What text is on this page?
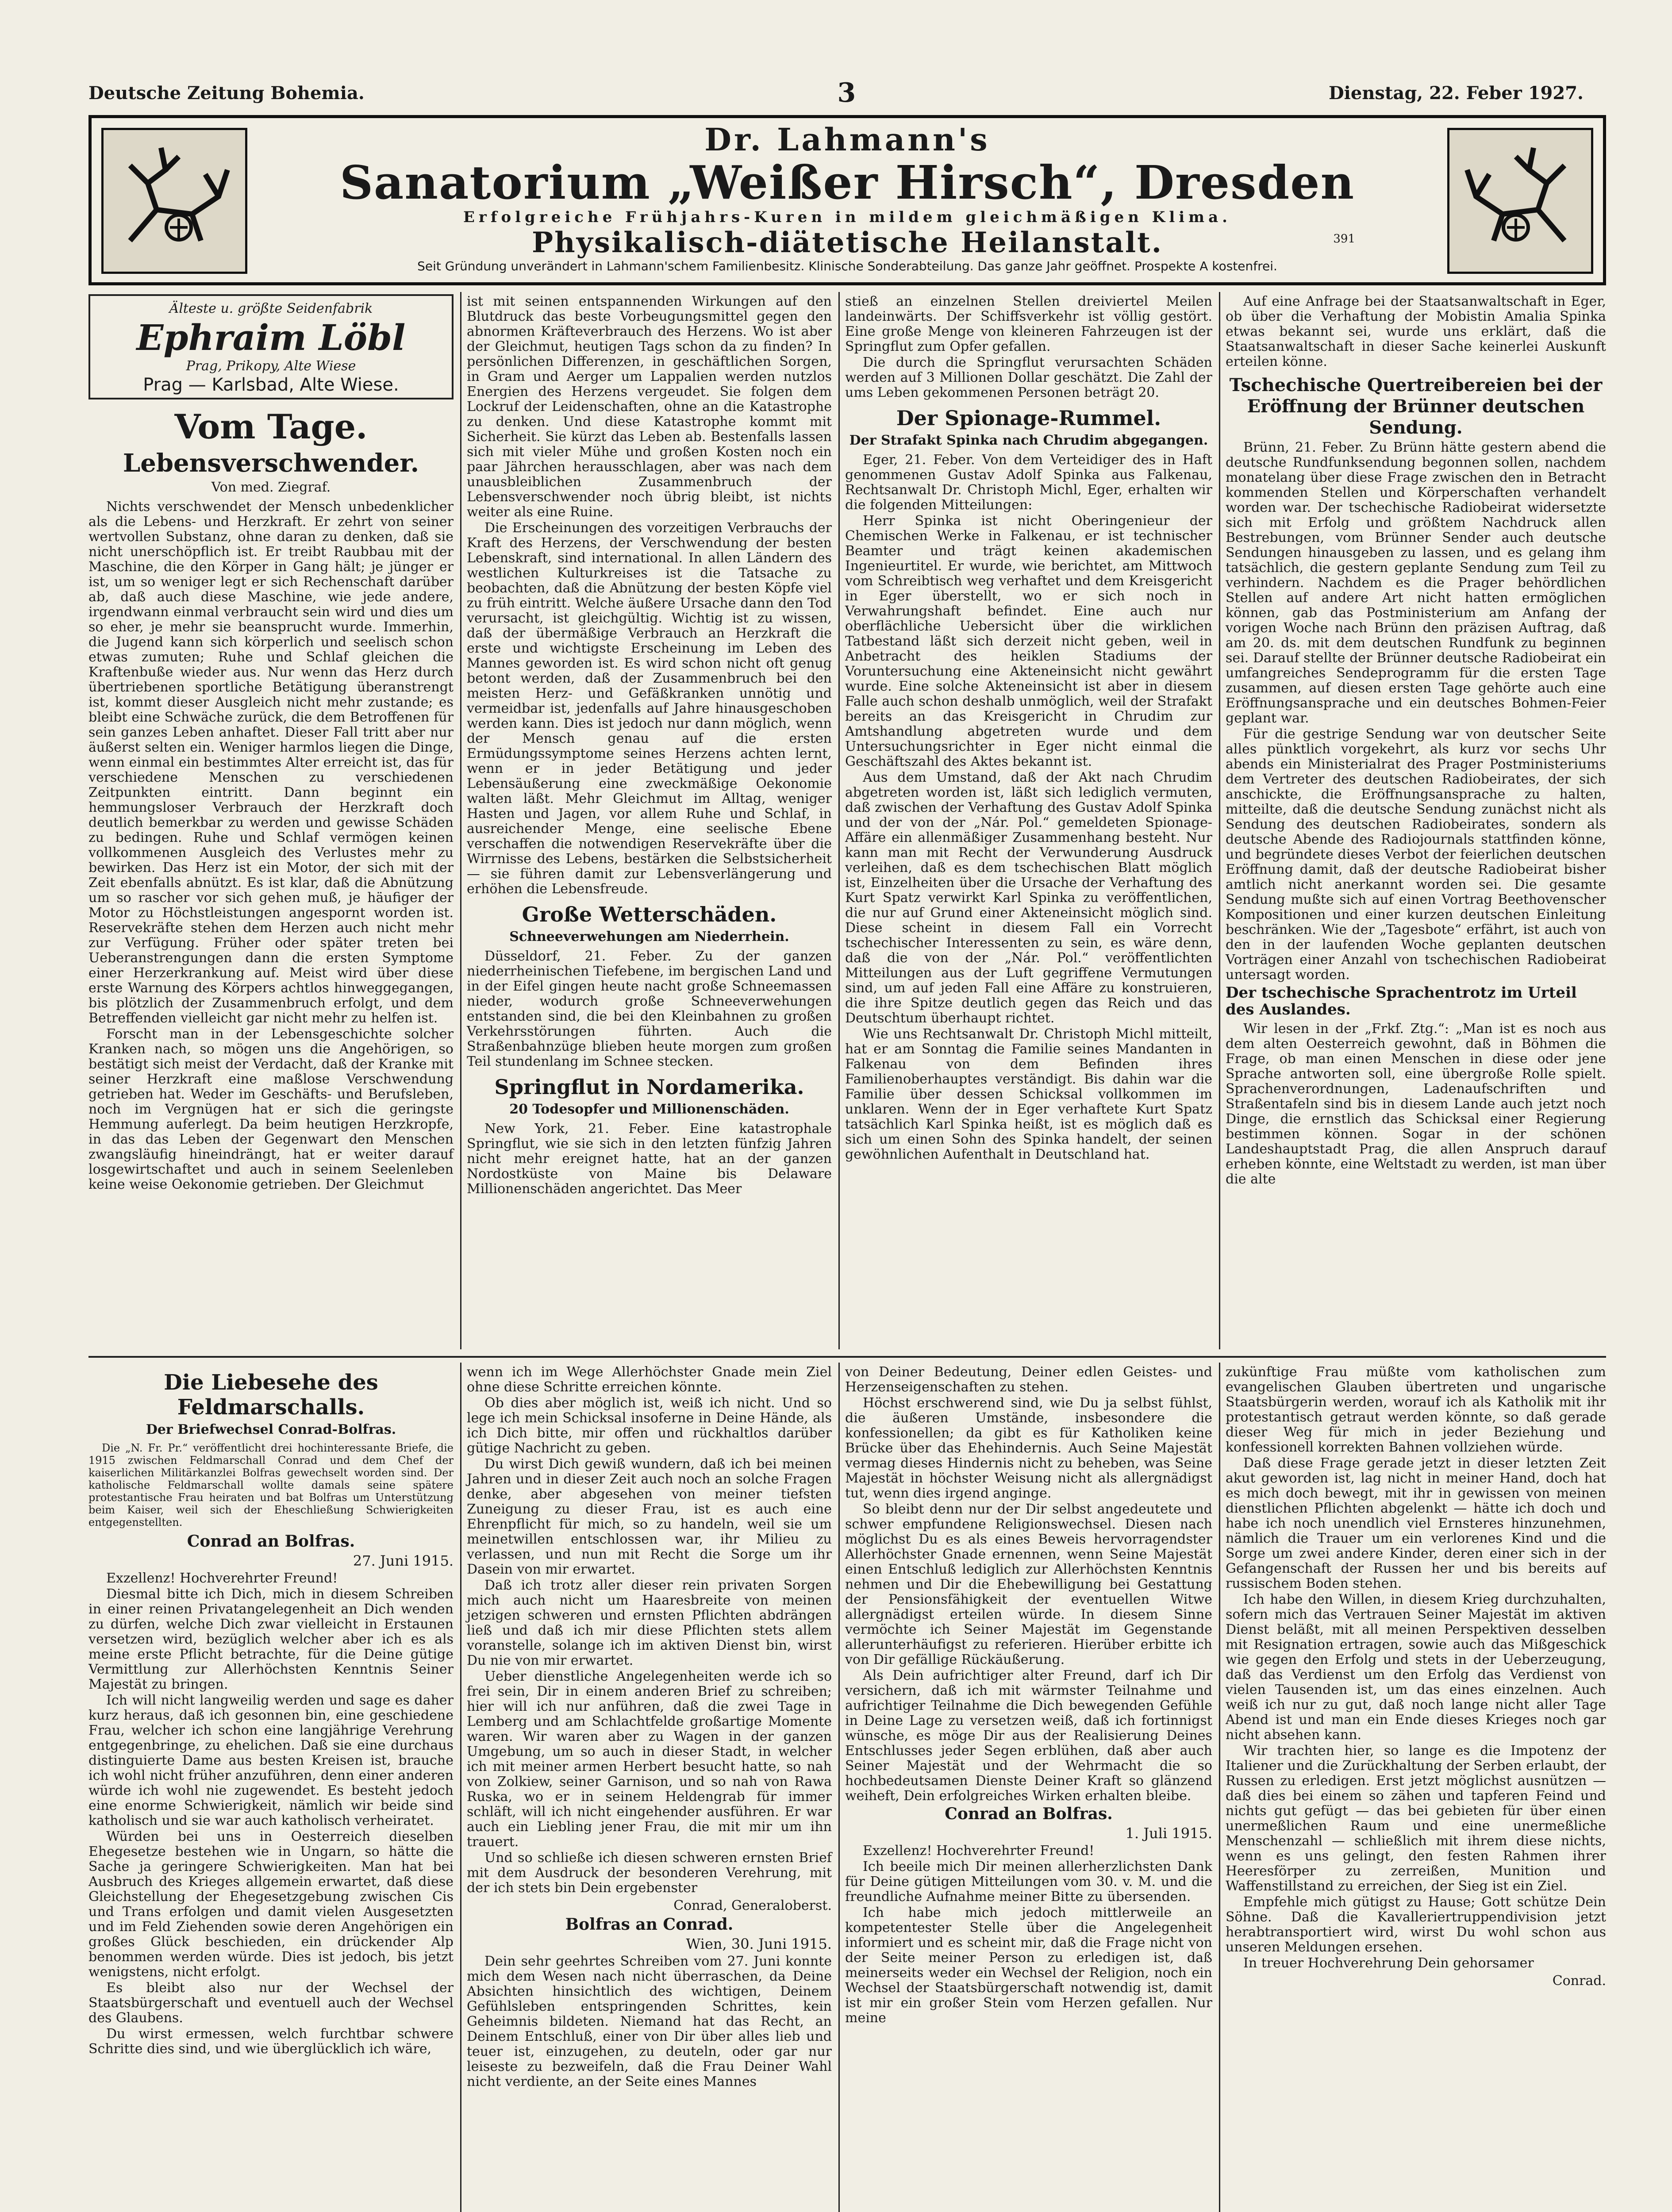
Deutsche Zeitung Bohemia.	3	Dienstag, 22. Feber 1927.
Dr. Lahmann's
Sanatorium „Weißer Hirsch“, Dresden
Erfolgreiche Frühjahrs-Kuren in mildem gleichmäßigen Klima.
Physikalisch-diätetische Heilanstalt.
Seit Gründung unverändert in Lahmann'schem Familienbesitz. Klinische Sonderabteilung. Das ganze Jahr geöffnet. Prospekte A kostenfrei.
391
Älteste u. größte Seidenfabrik
Ephraim Löbl
Prag, Prikopy, Alte Wiese
Prag — Karlsbad, Alte Wiese.
Vom Tage.
Lebensverschwender.
Von med. Ziegraf.

Nichts verschwendet der Mensch unbedenklicher als die Lebens- und Herzkraft. Er zehrt von seiner wertvollen Substanz, ohne daran zu denken, daß sie nicht unerschöpflich ist. Er treibt Raubbau mit der Maschine, die den Körper in Gang hält; je jünger er ist, um so weniger legt er sich Rechenschaft darüber ab, daß auch diese Maschine, wie jede andere, irgendwann einmal verbraucht sein wird und dies um so eher, je mehr sie beansprucht wurde. Immerhin, die Jugend kann sich körperlich und seelisch schon etwas zumuten; Ruhe und Schlaf gleichen die Kraftenbuße wieder aus. Nur wenn das Herz durch übertriebenen sportliche Betätigung überanstrengt ist, kommt dieser Ausgleich nicht mehr zustande; es bleibt eine Schwäche zurück, die dem Betroffenen für sein ganzes Leben anhaftet. Dieser Fall tritt aber nur äußerst selten ein. Weniger harmlos liegen die Dinge, wenn einmal ein bestimmtes Alter erreicht ist, das für verschiedene Menschen zu verschiedenen Zeitpunkten eintritt. Dann beginnt ein hemmungsloser Verbrauch der Herzkraft doch deutlich bemerkbar zu werden und gewisse Schäden zu bedingen. Ruhe und Schlaf vermögen keinen vollkommenen Ausgleich des Verlustes mehr zu bewirken. Das Herz ist ein Motor, der sich mit der Zeit ebenfalls abnützt. Es ist klar, daß die Abnützung um so rascher vor sich gehen muß, je häufiger der Motor zu Höchstleistungen angespornt worden ist. Reservekräfte stehen dem Herzen auch nicht mehr zur Verfügung. Früher oder später treten bei Ueberanstrengungen dann die ersten Symptome einer Herzerkrankung auf. Meist wird über diese erste Warnung des Körpers achtlos hinweggegangen, bis plötzlich der Zusammenbruch erfolgt, und dem Betreffenden vielleicht gar nicht mehr zu helfen ist.

Forscht man in der Lebensgeschichte solcher Kranken nach, so mögen uns die Angehörigen, so bestätigt sich meist der Verdacht, daß der Kranke mit seiner Herzkraft eine maßlose Verschwendung getrieben hat. Weder im Geschäfts- und Berufsleben, noch im Vergnügen hat er sich die geringste Hemmung auferlegt. Da beim heutigen Herzkropfe, in das das Leben der Gegenwart den Menschen zwangsläufig hineindrängt, hat er weiter darauf losgewirtschaftet und auch in seinem Seelenleben keine weise Oekonomie getrieben. Der Gleichmut

ist mit seinen entspannenden Wirkungen auf den Blutdruck das beste Vorbeugungsmittel gegen den abnormen Kräfteverbrauch des Herzens. Wo ist aber der Gleichmut, heutigen Tags schon da zu finden? In persönlichen Differenzen, in geschäftlichen Sorgen, in Gram und Aerger um Lappalien werden nutzlos Energien des Herzens vergeudet. Sie folgen dem Lockruf der Leidenschaften, ohne an die Katastrophe zu denken. Und diese Katastrophe kommt mit Sicherheit. Sie kürzt das Leben ab. Bestenfalls lassen sich mit vieler Mühe und großen Kosten noch ein paar Jährchen herausschlagen, aber was nach dem unausbleiblichen Zusammenbruch der Lebensverschwender noch übrig bleibt, ist nichts weiter als eine Ruine.

Die Erscheinungen des vorzeitigen Verbrauchs der Kraft des Herzens, der Verschwendung der besten Lebenskraft, sind international. In allen Ländern des westlichen Kulturkreises ist die Tatsache zu beobachten, daß die Abnützung der besten Köpfe viel zu früh eintritt. Welche äußere Ursache dann den Tod verursacht, ist gleichgültig. Wichtig ist zu wissen, daß der übermäßige Verbrauch an Herzkraft die erste und wichtigste Erscheinung im Leben des Mannes geworden ist. Es wird schon nicht oft genug betont werden, daß der Zusammenbruch bei den meisten Herz- und Gefäßkranken unnötig und vermeidbar ist, jedenfalls auf Jahre hinausgeschoben werden kann. Dies ist jedoch nur dann möglich, wenn der Mensch genau auf die ersten Ermüdungssymptome seines Herzens achten lernt, wenn er in jeder Betätigung und jeder Lebensäußerung eine zweckmäßige Oekonomie walten läßt. Mehr Gleichmut im Alltag, weniger Hasten und Jagen, vor allem Ruhe und Schlaf, in ausreichender Menge, eine seelische Ebene verschaffen die notwendigen Reservekräfte über die Wirrnisse des Lebens, bestärken die Selbstsicherheit — sie führen damit zur Lebensverlängerung und erhöhen die Lebensfreude.

Große Wetterschäden.
Schneeverwehungen am Niederrhein.

Düsseldorf, 21. Feber. Zu der ganzen niederrheinischen Tiefebene, im bergischen Land und in der Eifel gingen heute nacht große Schneemassen nieder, wodurch große Schneeverwehungen entstanden sind, die bei den Kleinbahnen zu großen Verkehrsstörungen führten. Auch die Straßenbahnzüge blieben heute morgen zum großen Teil stundenlang im Schnee stecken.

Springflut in Nordamerika.
20 Todesopfer und Millionenschäden.

New York, 21. Feber. Eine katastrophale Springflut, wie sie sich in den letzten fünfzig Jahren nicht mehr ereignet hatte, hat an der ganzen Nordostküste von Maine bis Delaware Millionenschäden angerichtet. Das Meer

stieß an einzelnen Stellen dreiviertel Meilen landeinwärts. Der Schiffsverkehr ist völlig gestört. Eine große Menge von kleineren Fahrzeugen ist der Springflut zum Opfer gefallen.

Die durch die Springflut verursachten Schäden werden auf 3 Millionen Dollar geschätzt. Die Zahl der ums Leben gekommenen Personen beträgt 20.

Der Spionage-Rummel.
Der Strafakt Spinka nach Chrudim abgegangen.

Eger, 21. Feber. Von dem Verteidiger des in Haft genommenen Gustav Adolf Spinka aus Falkenau, Rechtsanwalt Dr. Christoph Michl, Eger, erhalten wir die folgenden Mitteilungen:

Herr Spinka ist nicht Oberingenieur der Chemischen Werke in Falkenau, er ist technischer Beamter und trägt keinen akademischen Ingenieurtitel. Er wurde, wie berichtet, am Mittwoch vom Schreibtisch weg verhaftet und dem Kreisgericht in Eger überstellt, wo er sich noch in Verwahrungshaft befindet. Eine auch nur oberflächliche Uebersicht über die wirklichen Tatbestand läßt sich derzeit nicht geben, weil in Anbetracht des heiklen Stadiums der Voruntersuchung eine Akteneinsicht nicht gewährt wurde. Eine solche Akteneinsicht ist aber in diesem Falle auch schon deshalb unmöglich, weil der Strafakt bereits an das Kreisgericht in Chrudim zur Amtshandlung abgetreten wurde und dem Untersuchungsrichter in Eger nicht einmal die Geschäftszahl des Aktes bekannt ist.

Aus dem Umstand, daß der Akt nach Chrudim abgetreten worden ist, läßt sich lediglich vermuten, daß zwischen der Verhaftung des Gustav Adolf Spinka und der von der „Nár. Pol.“ gemeldeten Spionage-Affäre ein allenmäßiger Zusammenhang besteht. Nur kann man mit Recht der Verwunderung Ausdruck verleihen, daß es dem tschechischen Blatt möglich ist, Einzelheiten über die Ursache der Verhaftung des Kurt Spatz verwirkt Karl Spinka zu veröffentlichen, die nur auf Grund einer Akteneinsicht möglich sind. Diese scheint in diesem Fall ein Vorrecht tschechischer Interessenten zu sein, es wäre denn, daß die von der „Nár. Pol.“ veröffentlichten Mitteilungen aus der Luft gegriffene Vermutungen sind, um auf jeden Fall eine Affäre zu konstruieren, die ihre Spitze deutlich gegen das Reich und das Deutschtum überhaupt richtet.

Wie uns Rechtsanwalt Dr. Christoph Michl mitteilt, hat er am Sonntag die Familie seines Mandanten in Falkenau von dem Befinden ihres Familienoberhauptes verständigt. Bis dahin war die Familie über dessen Schicksal vollkommen im unklaren. Wenn der in Eger verhaftete Kurt Spatz tatsächlich Karl Spinka heißt, ist es möglich daß es sich um einen Sohn des Spinka handelt, der seinen gewöhnlichen Aufenthalt in Deutschland hat.

Auf eine Anfrage bei der Staatsanwaltschaft in Eger, ob über die Verhaftung der Mobistin Amalia Spinka etwas bekannt sei, wurde uns erklärt, daß die Staatsanwaltschaft in dieser Sache keinerlei Auskunft erteilen könne.

Tschechische Quertreibereien bei der Eröffnung der Brünner deutschen Sendung.

Brünn, 21. Feber. Zu Brünn hätte gestern abend die deutsche Rundfunksendung begonnen sollen, nachdem monatelang über diese Frage zwischen den in Betracht kommenden Stellen und Körperschaften verhandelt worden war. Der tschechische Radiobeirat widersetzte sich mit Erfolg und größtem Nachdruck allen Bestrebungen, vom Brünner Sender auch deutsche Sendungen hinausgeben zu lassen, und es gelang ihm tatsächlich, die gestern geplante Sendung zum Teil zu verhindern. Nachdem es die Prager behördlichen Stellen auf andere Art nicht hatten ermöglichen können, gab das Postministerium am Anfang der vorigen Woche nach Brünn den präzisen Auftrag, daß am 20. ds. mit dem deutschen Rundfunk zu beginnen sei. Darauf stellte der Brünner deutsche Radiobeirat ein umfangreiches Sendeprogramm für die ersten Tage zusammen, auf diesen ersten Tage gehörte auch eine Eröffnungsansprache und ein deutsches Bohmen-Feier geplant war.

Für die gestrige Sendung war von deutscher Seite alles pünktlich vorgekehrt, als kurz vor sechs Uhr abends ein Ministerialrat des Prager Postministeriums dem Vertreter des deutschen Radiobeirates, der sich anschickte, die Eröffnungsansprache zu halten, mitteilte, daß die deutsche Sendung zunächst nicht als Sendung des deutschen Radiobeirates, sondern als deutsche Abende des Radiojournals stattfinden könne, und begründete dieses Verbot der feierlichen deutschen Eröffnung damit, daß der deutsche Radiobeirat bisher amtlich nicht anerkannt worden sei. Die gesamte Sendung mußte sich auf einen Vortrag Beethovenscher Kompositionen und einer kurzen deutschen Einleitung beschränken. Wie der „Tagesbote“ erfährt, ist auch von den in der laufenden Woche geplanten deutschen Vorträgen einer Anzahl von tschechischen Radiobeirat untersagt worden.

Der tschechische Sprachentrotz im Urteil des Auslandes.

Wir lesen in der „Frkf. Ztg.“: „Man ist es noch aus dem alten Oesterreich gewohnt, daß in Böhmen die Frage, ob man einen Menschen in diese oder jene Sprache antworten soll, eine übergroße Rolle spielt. Sprachenverordnungen, Ladenaufschriften und Straßentafeln sind bis in diesem Lande auch jetzt noch Dinge, die ernstlich das Schicksal einer Regierung bestimmen können. Sogar in der schönen Landeshauptstadt Prag, die allen Anspruch darauf erheben könnte, eine Weltstadt zu werden, ist man über die alte

Die Liebesehe des Feldmarschalls.
Der Briefwechsel Conrad-Bolfras.

Die „N. Fr. Pr.“ veröffentlicht drei hochinteressante Briefe, die 1915 zwischen Feldmarschall Conrad und dem Chef der kaiserlichen Militärkanzlei Bolfras gewechselt worden sind. Der katholische Feldmarschall wollte damals seine spätere protestantische Frau heiraten und bat Bolfras um Unterstützung beim Kaiser, weil sich der Eheschließung Schwierigkeiten entgegenstellten.

Conrad an Bolfras.
27. Juni 1915.

Exzellenz! Hochverehrter Freund!

Diesmal bitte ich Dich, mich in diesem Schreiben in einer reinen Privatangelegenheit an Dich wenden zu dürfen, welche Dich zwar vielleicht in Erstaunen versetzen wird, bezüglich welcher aber ich es als meine erste Pflicht betrachte, für die Deine gütige Vermittlung zur Allerhöchsten Kenntnis Seiner Majestät zu bringen.

Ich will nicht langweilig werden und sage es daher kurz heraus, daß ich gesonnen bin, eine geschiedene Frau, welcher ich schon eine langjährige Verehrung entgegenbringe, zu ehelichen. Daß sie eine durchaus distinguierte Dame aus besten Kreisen ist, brauche ich wohl nicht früher anzuführen, denn einer anderen würde ich wohl nie zugewendet. Es besteht jedoch eine enorme Schwierigkeit, nämlich wir beide sind katholisch und sie war auch katholisch verheiratet.

Würden bei uns in Oesterreich dieselben Ehegesetze bestehen wie in Ungarn, so hätte die Sache ja geringere Schwierigkeiten. Man hat bei Ausbruch des Krieges allgemein erwartet, daß diese Gleichstellung der Ehegesetzgebung zwischen Cis und Trans erfolgen und damit vielen Ausgesetzten und im Feld Ziehenden sowie deren Angehörigen ein großes Glück beschieden, ein drückender Alp benommen werden würde. Dies ist jedoch, bis jetzt wenigstens, nicht erfolgt.

Es bleibt also nur der Wechsel der Staatsbürgerschaft und eventuell auch der Wechsel des Glaubens.

Du wirst ermessen, welch furchtbar schwere Schritte dies sind, und wie überglücklich ich wäre,

wenn ich im Wege Allerhöchster Gnade mein Ziel ohne diese Schritte erreichen könnte.

Ob dies aber möglich ist, weiß ich nicht. Und so lege ich mein Schicksal insoferne in Deine Hände, als ich Dich bitte, mir offen und rückhaltlos darüber gütige Nachricht zu geben.

Du wirst Dich gewiß wundern, daß ich bei meinen Jahren und in dieser Zeit auch noch an solche Fragen denke, aber abgesehen von meiner tiefsten Zuneigung zu dieser Frau, ist es auch eine Ehrenpflicht für mich, so zu handeln, weil sie um meinetwillen entschlossen war, ihr Milieu zu verlassen, und nun mit Recht die Sorge um ihr Dasein von mir erwartet.

Daß ich trotz aller dieser rein privaten Sorgen mich auch nicht um Haaresbreite von meinen jetzigen schweren und ernsten Pflichten abdrängen ließ und daß ich mir diese Pflichten stets allem voranstelle, solange ich im aktiven Dienst bin, wirst Du nie von mir erwartet.

Ueber dienstliche Angelegenheiten werde ich so frei sein, Dir in einem anderen Brief zu schreiben; hier will ich nur anführen, daß die zwei Tage in Lemberg und am Schlachtfelde großartige Momente waren. Wir waren aber zu Wagen in der ganzen Umgebung, um so auch in dieser Stadt, in welcher ich mit meiner armen Herbert besucht hatte, so nah von Zolkiew, seiner Garnison, und so nah von Rawa Ruska, wo er in seinem Heldengrab für immer schläft, will ich nicht eingehender ausführen. Er war auch ein Liebling jener Frau, die mit mir um ihn trauert.

Und so schließe ich diesen schweren ernsten Brief mit dem Ausdruck der besonderen Verehrung, mit der ich stets bin Dein ergebenster

Conrad, Generaloberst.
Bolfras an Conrad.
Wien, 30. Juni 1915.

Dein sehr geehrtes Schreiben vom 27. Juni konnte mich dem Wesen nach nicht überraschen, da Deine Absichten hinsichtlich des wichtigen, Deinem Gefühlsleben entspringenden Schrittes, kein Geheimnis bildeten. Niemand hat das Recht, an Deinem Entschluß, einer von Dir über alles lieb und teuer ist, einzugehen, zu deuteln, oder gar nur leiseste zu bezweifeln, daß die Frau Deiner Wahl nicht verdiente, an der Seite eines Mannes

von Deiner Bedeutung, Deiner edlen Geistes- und Herzenseigenschaften zu stehen.

Höchst erschwerend sind, wie Du ja selbst fühlst, die äußeren Umstände, insbesondere die konfessionellen; da gibt es für Katholiken keine Brücke über das Ehehindernis. Auch Seine Majestät vermag dieses Hindernis nicht zu beheben, was Seine Majestät in höchster Weisung nicht als allergnädigst tut, wenn dies irgend anginge.

So bleibt denn nur der Dir selbst angedeutete und schwer empfundene Religionswechsel. Diesen nach möglichst Du es als eines Beweis hervorragendster Allerhöchster Gnade ernennen, wenn Seine Majestät einen Entschluß lediglich zur Allerhöchsten Kenntnis nehmen und Dir die Ehebewilligung bei Gestattung der Pensionsfähigkeit der eventuellen Witwe allergnädigst erteilen würde. In diesem Sinne vermöchte ich Seiner Majestät im Gegenstande allerunterhäufigst zu referieren. Hierüber erbitte ich von Dir gefällige Rückäußerung.

Als Dein aufrichtiger alter Freund, darf ich Dir versichern, daß ich mit wärmster Teilnahme und aufrichtiger Teilnahme die Dich bewegenden Gefühle in Deine Lage zu versetzen weiß, daß ich fortinnigst wünsche, es möge Dir aus der Realisierung Deines Entschlusses jeder Segen erblühen, daß aber auch Seiner Majestät und der Wehrmacht die so hochbedeutsamen Dienste Deiner Kraft so glänzend weiheft, Dein erfolgreiches Wirken erhalten bleibe.

Conrad an Bolfras.
1. Juli 1915.

Exzellenz! Hochverehrter Freund!

Ich beeile mich Dir meinen allerherzlichsten Dank für Deine gütigen Mitteilungen vom 30. v. M. und die freundliche Aufnahme meiner Bitte zu übersenden.

Ich habe mich jedoch mittlerweile an kompetentester Stelle über die Angelegenheit informiert und es scheint mir, daß die Frage nicht von der Seite meiner Person zu erledigen ist, daß meinerseits weder ein Wechsel der Religion, noch ein Wechsel der Staatsbürgerschaft notwendig ist, damit ist mir ein großer Stein vom Herzen gefallen. Nur meine

zukünftige Frau müßte vom katholischen zum evangelischen Glauben übertreten und ungarische Staatsbürgerin werden, worauf ich als Katholik mit ihr protestantisch getraut werden könnte, so daß gerade dieser Weg für mich in jeder Beziehung und konfessionell korrekten Bahnen vollziehen würde.

Daß diese Frage gerade jetzt in dieser letzten Zeit akut geworden ist, lag nicht in meiner Hand, doch hat es mich doch bewegt, mit ihr in gewissen von meinen dienstlichen Pflichten abgelenkt — hätte ich doch und habe ich noch unendlich viel Ernsteres hinzunehmen, nämlich die Trauer um ein verlorenes Kind und die Sorge um zwei andere Kinder, deren einer sich in der Gefangenschaft der Russen her und bis bereits auf russischem Boden stehen.

Ich habe den Willen, in diesem Krieg durchzuhalten, sofern mich das Vertrauen Seiner Majestät im aktiven Dienst beläßt, mit all meinen Perspektiven desselben mit Resignation ertragen, sowie auch das Mißgeschick wie gegen den Erfolg und stets in der Ueberzeugung, daß das Verdienst um den Erfolg das Verdienst von vielen Tausenden ist, um das eines einzelnen. Auch weiß ich nur zu gut, daß noch lange nicht aller Tage Abend ist und man ein Ende dieses Krieges noch gar nicht absehen kann.

Wir trachten hier, so lange es die Impotenz der Italiener und die Zurückhaltung der Serben erlaubt, der Russen zu erledigen. Erst jetzt möglichst ausnützen — daß dies bei einem so zähen und tapferen Feind und nichts gut gefügt — das bei gebieten für über einen unermeßlichen Raum und eine unermeßliche Menschenzahl — schließlich mit ihrem diese nichts, wenn es uns gelingt, den festen Rahmen ihrer Heeresförper zu zerreißen, Munition und Waffenstillstand zu erreichen, der Sieg ist ein Ziel.

Empfehle mich gütigst zu Hause; Gott schütze Dein Söhne. Daß die Kavalleriertruppendivision jetzt herabtransportiert wird, wirst Du wohl schon aus unseren Meldungen ersehen.

In treuer Hochverehrung Dein gehorsamer

Conrad.
